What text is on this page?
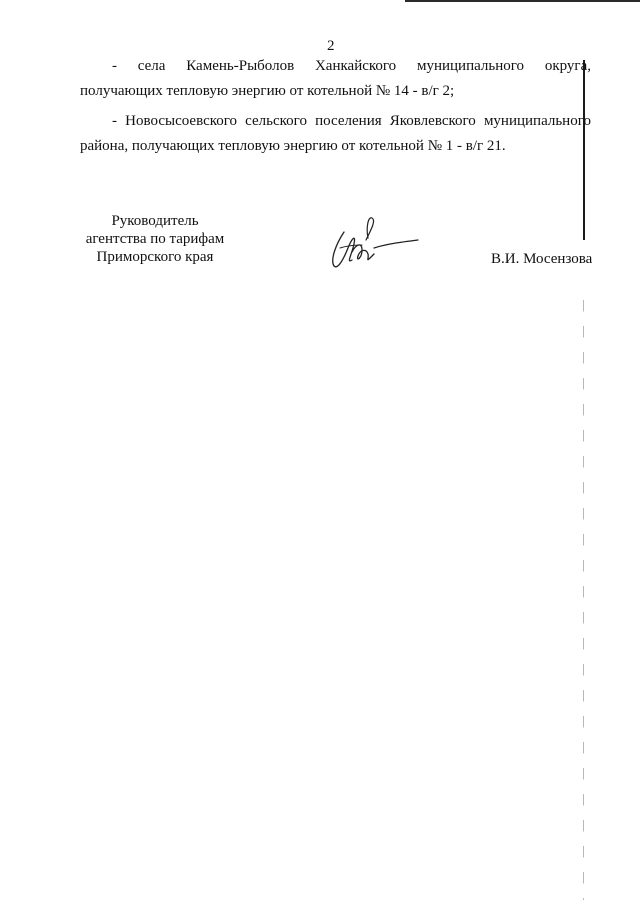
2
- села Камень-Рыболов Ханкайского муниципального округа,
получающих тепловую энергию от котельной № 14 - в/г 2;
- Новосысоевского сельского поселения Яковлевского муниципального
района, получающих тепловую энергию от котельной № 1 - в/г 21.
Руководитель
агентства по тарифам
Приморского края	В.И. Мосензова
